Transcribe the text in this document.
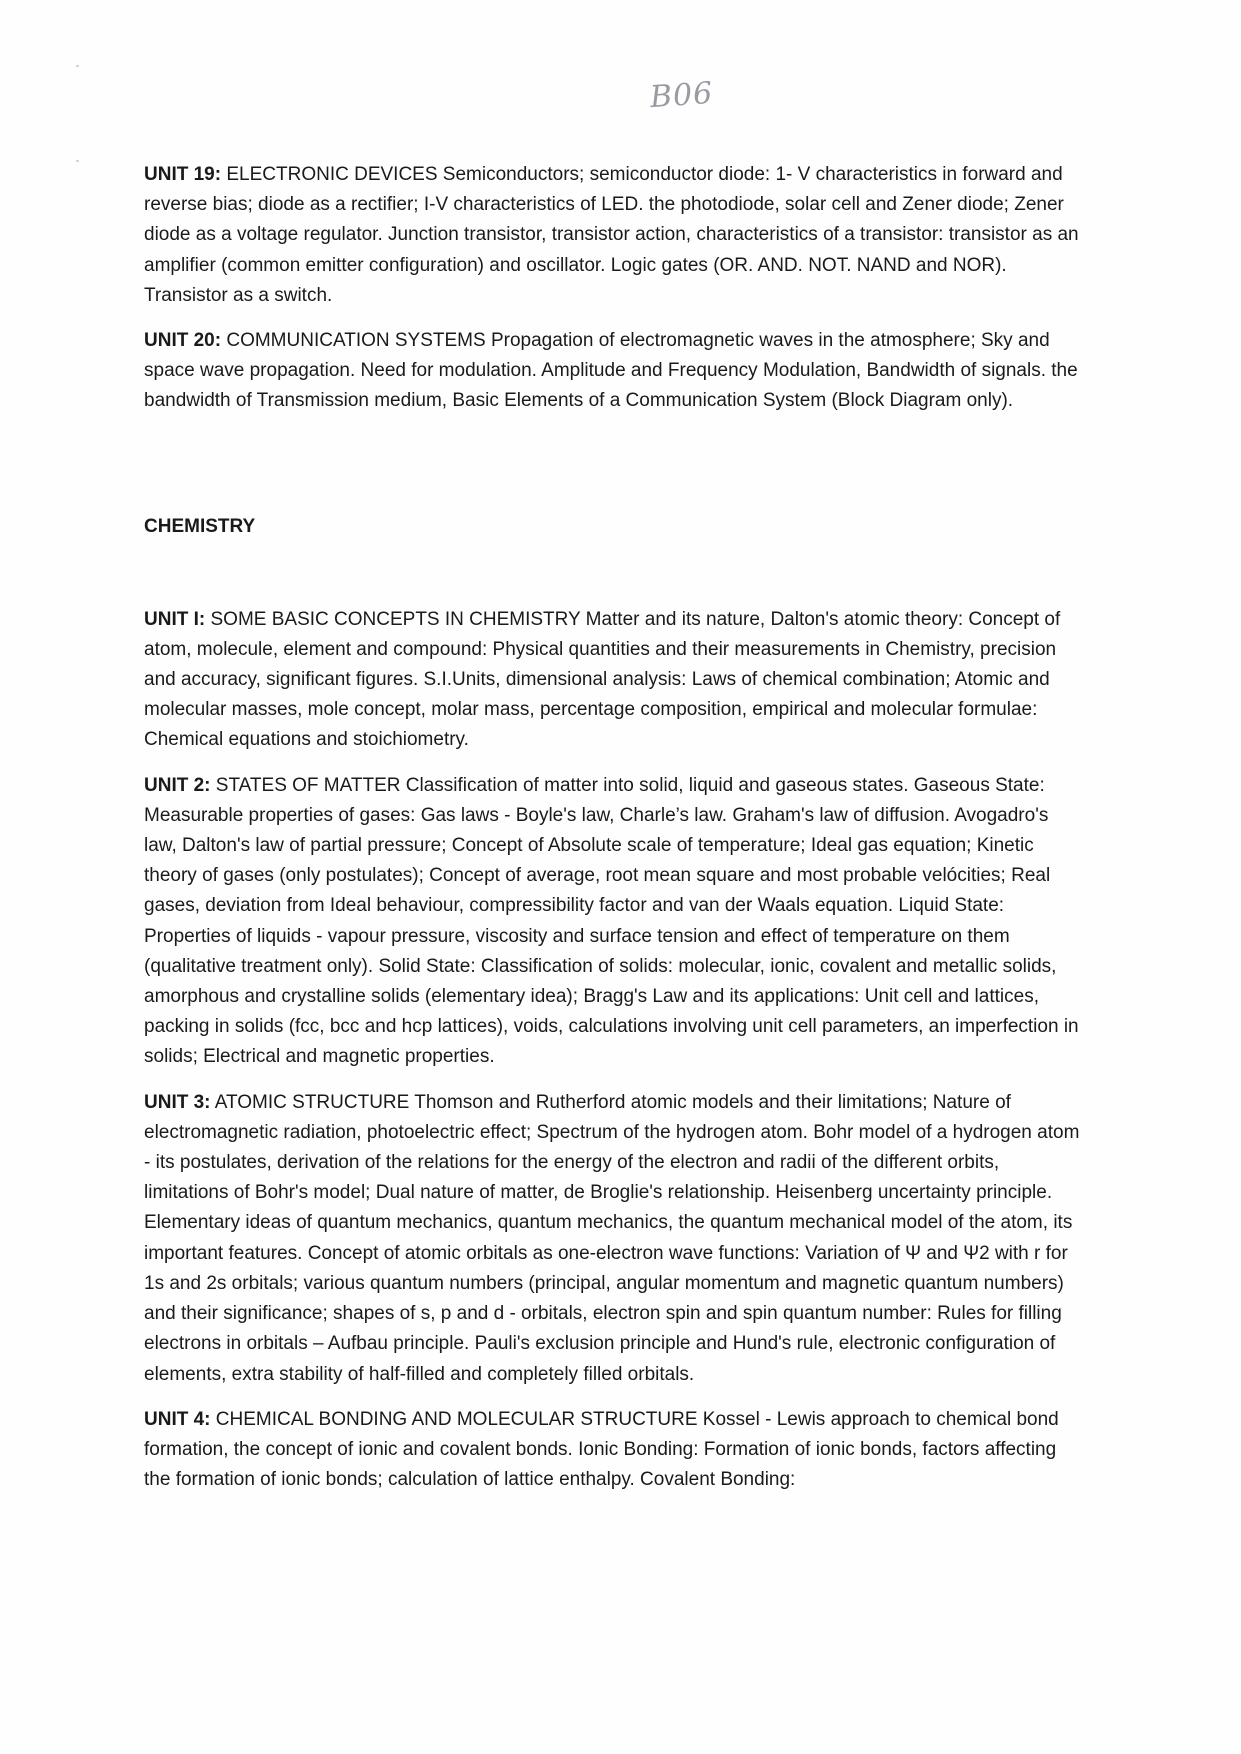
B06

UNIT 19: ELECTRONIC DEVICES Semiconductors; semiconductor diode: 1- V characteristics in forward and reverse bias; diode as a rectifier; I-V characteristics of LED. the photodiode, solar cell and Zener diode; Zener diode as a voltage regulator. Junction transistor, transistor action, characteristics of a transistor: transistor as an amplifier (common emitter configuration) and oscillator. Logic gates (OR. AND. NOT. NAND and NOR). Transistor as a switch.

UNIT 20: COMMUNICATION SYSTEMS Propagation of electromagnetic waves in the atmosphere; Sky and space wave propagation. Need for modulation. Amplitude and Frequency Modulation, Bandwidth of signals. the bandwidth of Transmission medium, Basic Elements of a Communication System (Block Diagram only).

CHEMISTRY

UNIT I: SOME BASIC CONCEPTS IN CHEMISTRY Matter and its nature, Dalton's atomic theory: Concept of atom, molecule, element and compound: Physical quantities and their measurements in Chemistry, precision and accuracy, significant figures. S.I.Units, dimensional analysis: Laws of chemical combination; Atomic and molecular masses, mole concept, molar mass, percentage composition, empirical and molecular formulae: Chemical equations and stoichiometry.

UNIT 2: STATES OF MATTER Classification of matter into solid, liquid and gaseous states. Gaseous State: Measurable properties of gases: Gas laws - Boyle's law, Charle’s law. Graham's law of diffusion. Avogadro's law, Dalton's law of partial pressure; Concept of Absolute scale of temperature; Ideal gas equation; Kinetic theory of gases (only postulates); Concept of average, root mean square and most probable velócities; Real gases, deviation from Ideal behaviour, compressibility factor and van der Waals equation. Liquid State: Properties of liquids - vapour pressure, viscosity and surface tension and effect of temperature on them (qualitative treatment only). Solid State: Classification of solids: molecular, ionic, covalent and metallic solids, amorphous and crystalline solids (elementary idea); Bragg's Law and its applications: Unit cell and lattices, packing in solids (fcc, bcc and hcp lattices), voids, calculations involving unit cell parameters, an imperfection in solids; Electrical and magnetic properties.

UNIT 3: ATOMIC STRUCTURE Thomson and Rutherford atomic models and their limitations; Nature of electromagnetic radiation, photoelectric effect; Spectrum of the hydrogen atom. Bohr model of a hydrogen atom - its postulates, derivation of the relations for the energy of the electron and radii of the different orbits, limitations of Bohr's model; Dual nature of matter, de Broglie's relationship. Heisenberg uncertainty principle. Elementary ideas of quantum mechanics, quantum mechanics, the quantum mechanical model of the atom, its important features. Concept of atomic orbitals as one-electron wave functions: Variation of Ψ and Ψ2 with r for 1s and 2s orbitals; various quantum numbers (principal, angular momentum and magnetic quantum numbers) and their significance; shapes of s, p and d - orbitals, electron spin and spin quantum number: Rules for filling electrons in orbitals – Aufbau principle. Pauli's exclusion principle and Hund's rule, electronic configuration of elements, extra stability of half-filled and completely filled orbitals.

UNIT 4: CHEMICAL BONDING AND MOLECULAR STRUCTURE Kossel - Lewis approach to chemical bond formation, the concept of ionic and covalent bonds. Ionic Bonding: Formation of ionic bonds, factors affecting the formation of ionic bonds; calculation of lattice enthalpy. Covalent Bonding:
